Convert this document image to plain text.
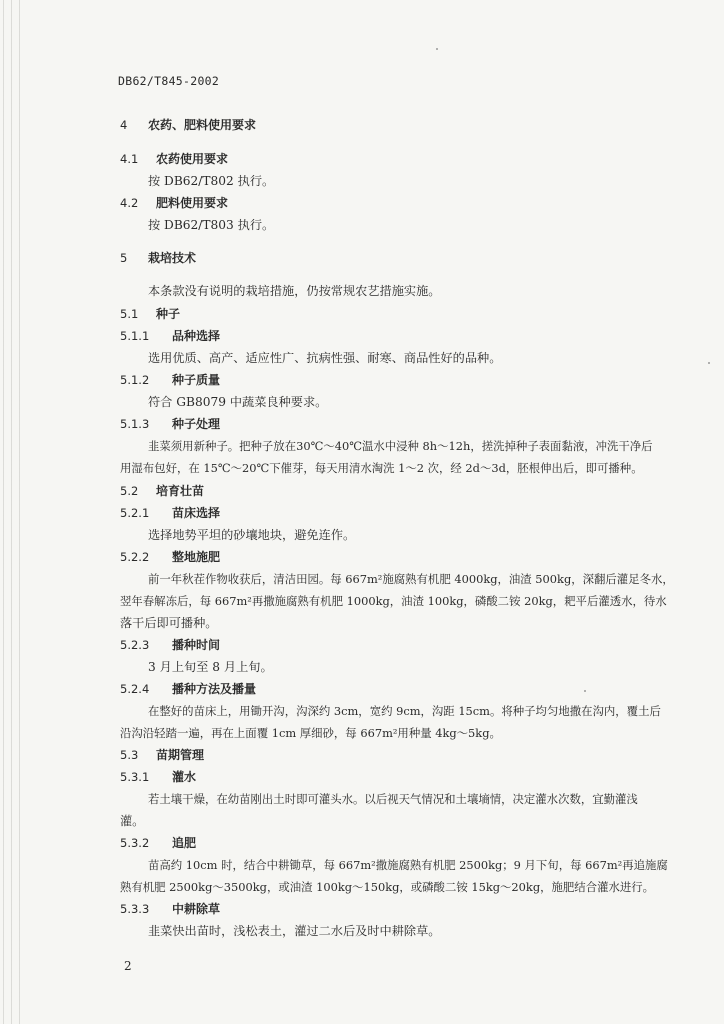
DB62/T845-2002
4 农药、肥料使用要求
4.1 农药使用要求
按 DB62/T802 执行。
4.2 肥料使用要求
按 DB62/T803 执行。
5 栽培技术
本条款没有说明的栽培措施，仍按常规农艺措施实施。
5.1 种子
5.1.1 品种选择
选用优质、高产、适应性广、抗病性强、耐寒、商品性好的品种。
5.1.2 种子质量
符合 GB8079 中蔬菜良种要求。
5.1.3 种子处理
韭菜须用新种子。把种子放在30℃～40℃温水中浸种 8h～12h，搓洗掉种子表面黏液，冲洗干净后
用湿布包好，在 15℃～20℃下催芽，每天用清水淘洗 1～2 次，经 2d～3d，胚根伸出后，即可播种。
5.2 培育壮苗
5.2.1 苗床选择
选择地势平坦的砂壤地块，避免连作。
5.2.2 整地施肥
前一年秋茬作物收获后，清洁田园。每 667m²施腐熟有机肥 4000kg，油渣 500kg，深翻后灌足冬水，
翌年春解冻后，每 667m²再撒施腐熟有机肥 1000kg，油渣 100kg，磷酸二铵 20kg，耙平后灌透水，待水
落干后即可播种。
5.2.3 播种时间
3 月上旬至 8 月上旬。
5.2.4 播种方法及播量
在整好的苗床上，用锄开沟，沟深约 3cm，宽约 9cm，沟距 15cm。将种子均匀地撒在沟内，覆土后
沿沟沿轻踏一遍，再在上面覆 1cm 厚细砂，每 667m²用种量 4kg～5kg。
5.3 苗期管理
5.3.1 灌水
若土壤干燥，在幼苗刚出土时即可灌头水。以后视天气情况和土壤墒情，决定灌水次数，宜勤灌浅
灌。
5.3.2 追肥
苗高约 10cm 时，结合中耕锄草，每 667m²撒施腐熟有机肥 2500kg；9 月下旬，每 667m²再追施腐
熟有机肥 2500kg～3500kg，或油渣 100kg～150kg，或磷酸二铵 15kg～20kg，施肥结合灌水进行。
5.3.3 中耕除草
韭菜快出苗时，浅松表土，灌过二水后及时中耕除草。
2
